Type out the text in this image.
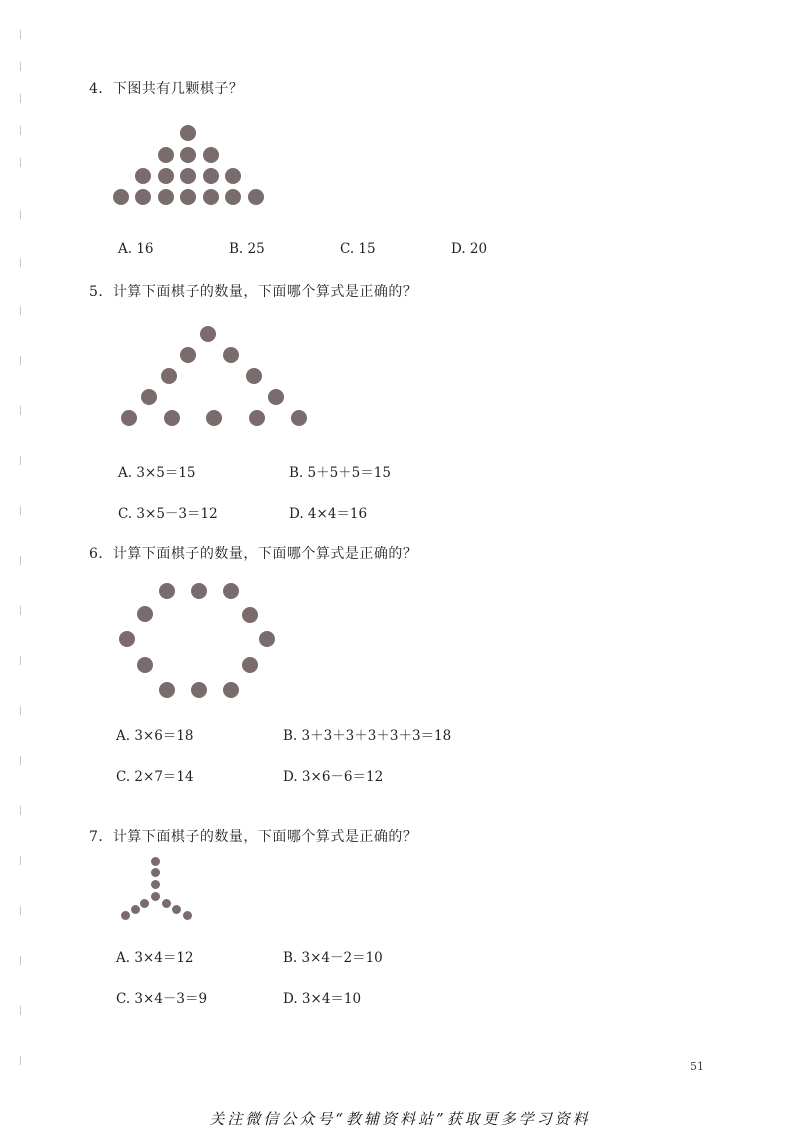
4．下图共有几颗棋子？
A. 16	B. 25	C. 15	D. 20
5．计算下面棋子的数量，下面哪个算式是正确的？
A. 3×5＝15	B. 5＋5＋5＝15
C. 3×5－3＝12	D. 4×4＝16
6．计算下面棋子的数量，下面哪个算式是正确的？
A. 3×6＝18	B. 3＋3＋3＋3＋3＋3＝18
C. 2×7＝14	D. 3×6－6＝12
7．计算下面棋子的数量，下面哪个算式是正确的？
A. 3×4＝12	B. 3×4－2＝10
C. 3×4－3＝9	D. 3×4＝10
51
关注微信公众号“教辅资料站”获取更多学习资料
